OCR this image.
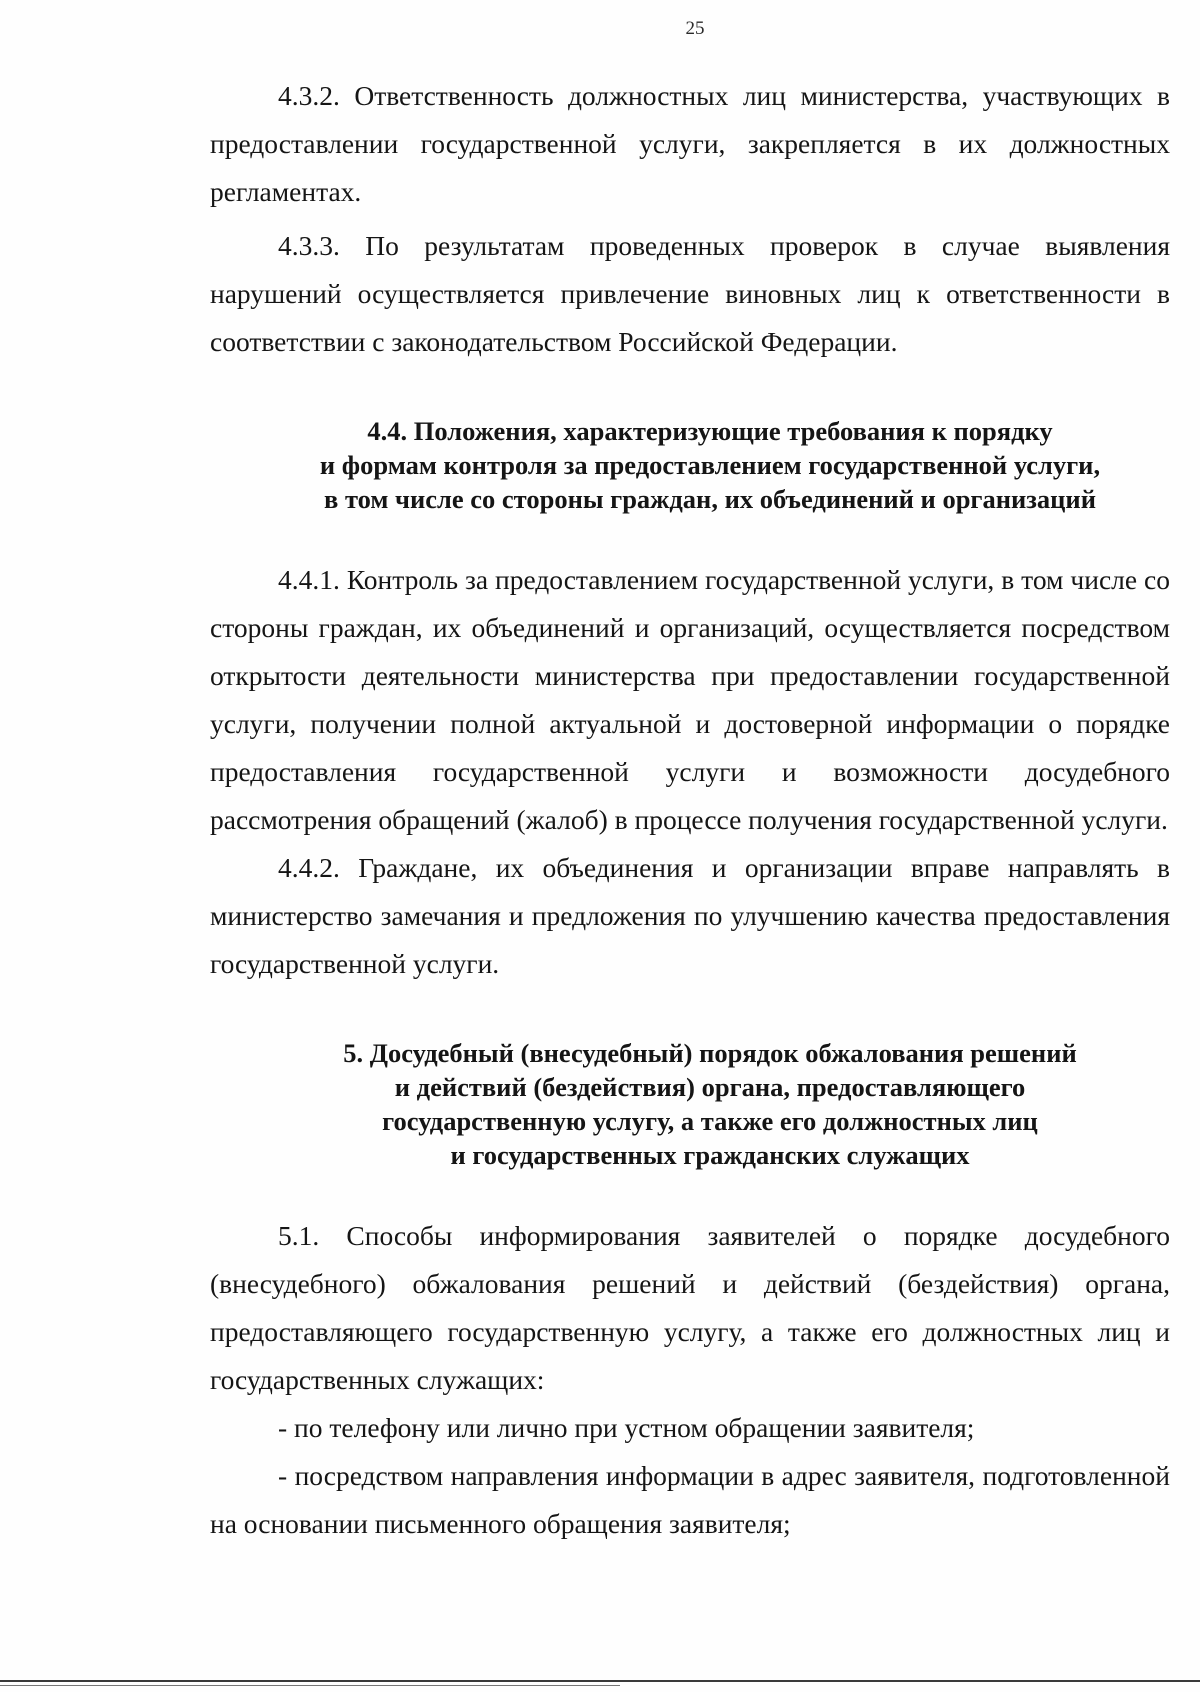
25

4.3.2. Ответственность должностных лиц министерства, участвующих в предоставлении государственной услуги, закрепляется в их должностных регламентах.

4.3.3. По результатам проведенных проверок в случае выявления нарушений осуществляется привлечение виновных лиц к ответственности в соответствии с законодательством Российской Федерации.

4.4. Положения, характеризующие требования к порядку
и формам контроля за предоставлением государственной услуги,
в том числе со стороны граждан, их объединений и организаций

4.4.1. Контроль за предоставлением государственной услуги, в том числе со стороны граждан, их объединений и организаций, осуществляется посредством открытости деятельности министерства при предоставлении государственной услуги, получении полной актуальной и достоверной информации о порядке предоставления государственной услуги и возможности досудебного рассмотрения обращений (жалоб) в процессе получения государственной услуги.

4.4.2. Граждане, их объединения и организации вправе направлять в министерство замечания и предложения по улучшению качества предоставления государственной услуги.

5. Досудебный (внесудебный) порядок обжалования решений
и действий (бездействия) органа, предоставляющего
государственную услугу, а также его должностных лиц
и государственных гражданских служащих

5.1. Способы информирования заявителей о порядке досудебного (внесудебного) обжалования решений и действий (бездействия) органа, предоставляющего государственную услугу, а также его должностных лиц и государственных служащих:

- по телефону или лично при устном обращении заявителя;

- посредством направления информации в адрес заявителя, подготовленной на основании письменного обращения заявителя;
